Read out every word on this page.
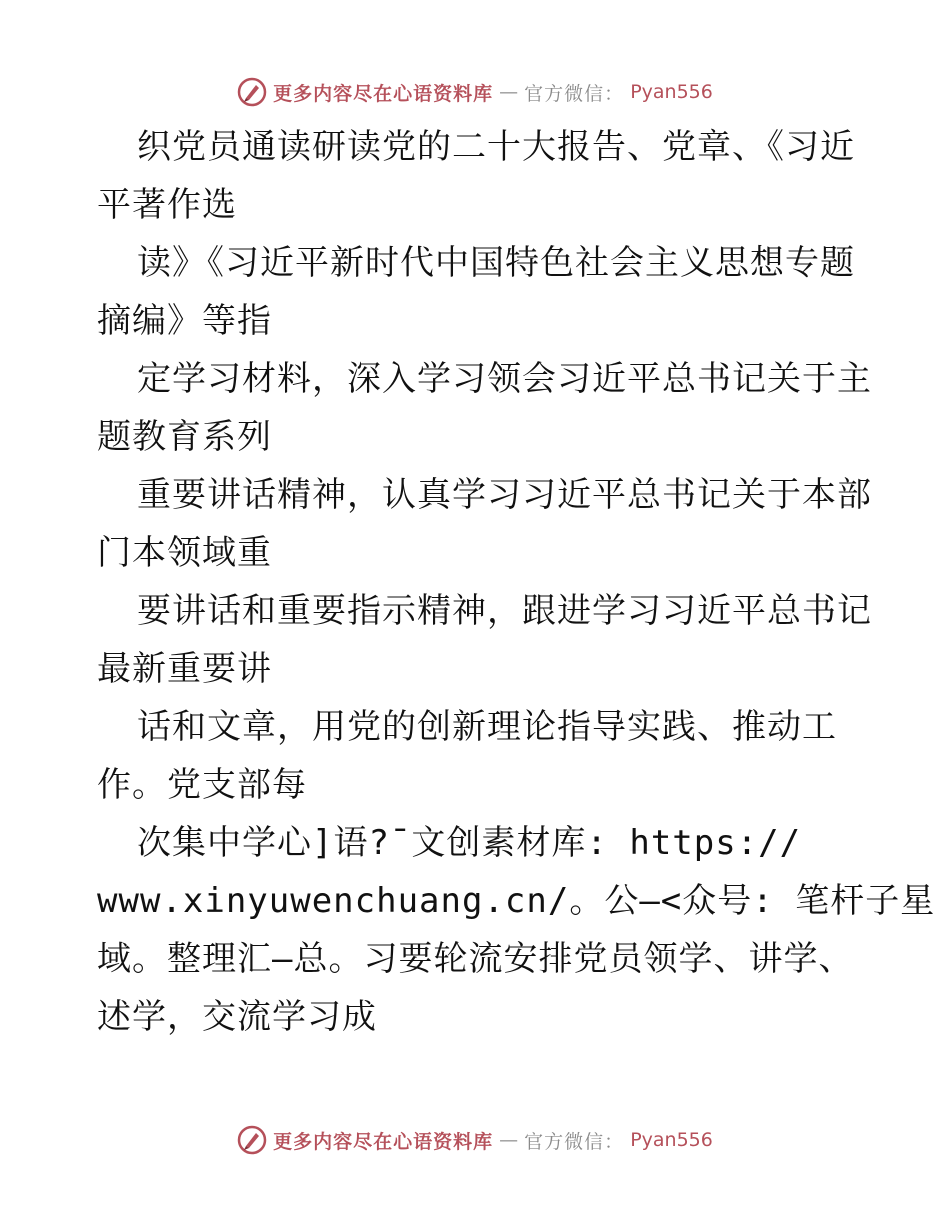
更多内容尽在心语资料库 — 官方微信： Pyan556
织党员通读研读党的二十大报告、党章、《习近
平著作选
读》《习近平新时代中国特色社会主义思想专题
摘编》等指
定学习材料，深入学习领会习近平总书记关于主
题教育系列
重要讲话精神，认真学习习近平总书记关于本部
门本领域重
要讲话和重要指示精神，跟进学习习近平总书记
最新重要讲
话和文章，用党的创新理论指导实践、推动工
作。党支部每
次集中学心]语?¯文创素材库: https://
www.xinyuwenchuang.cn/。公—<众号: 笔杆子星
域。整理汇—总。习要轮流安排党员领学、讲学、
述学，交流学习成
更多内容尽在心语资料库 — 官方微信： Pyan556
